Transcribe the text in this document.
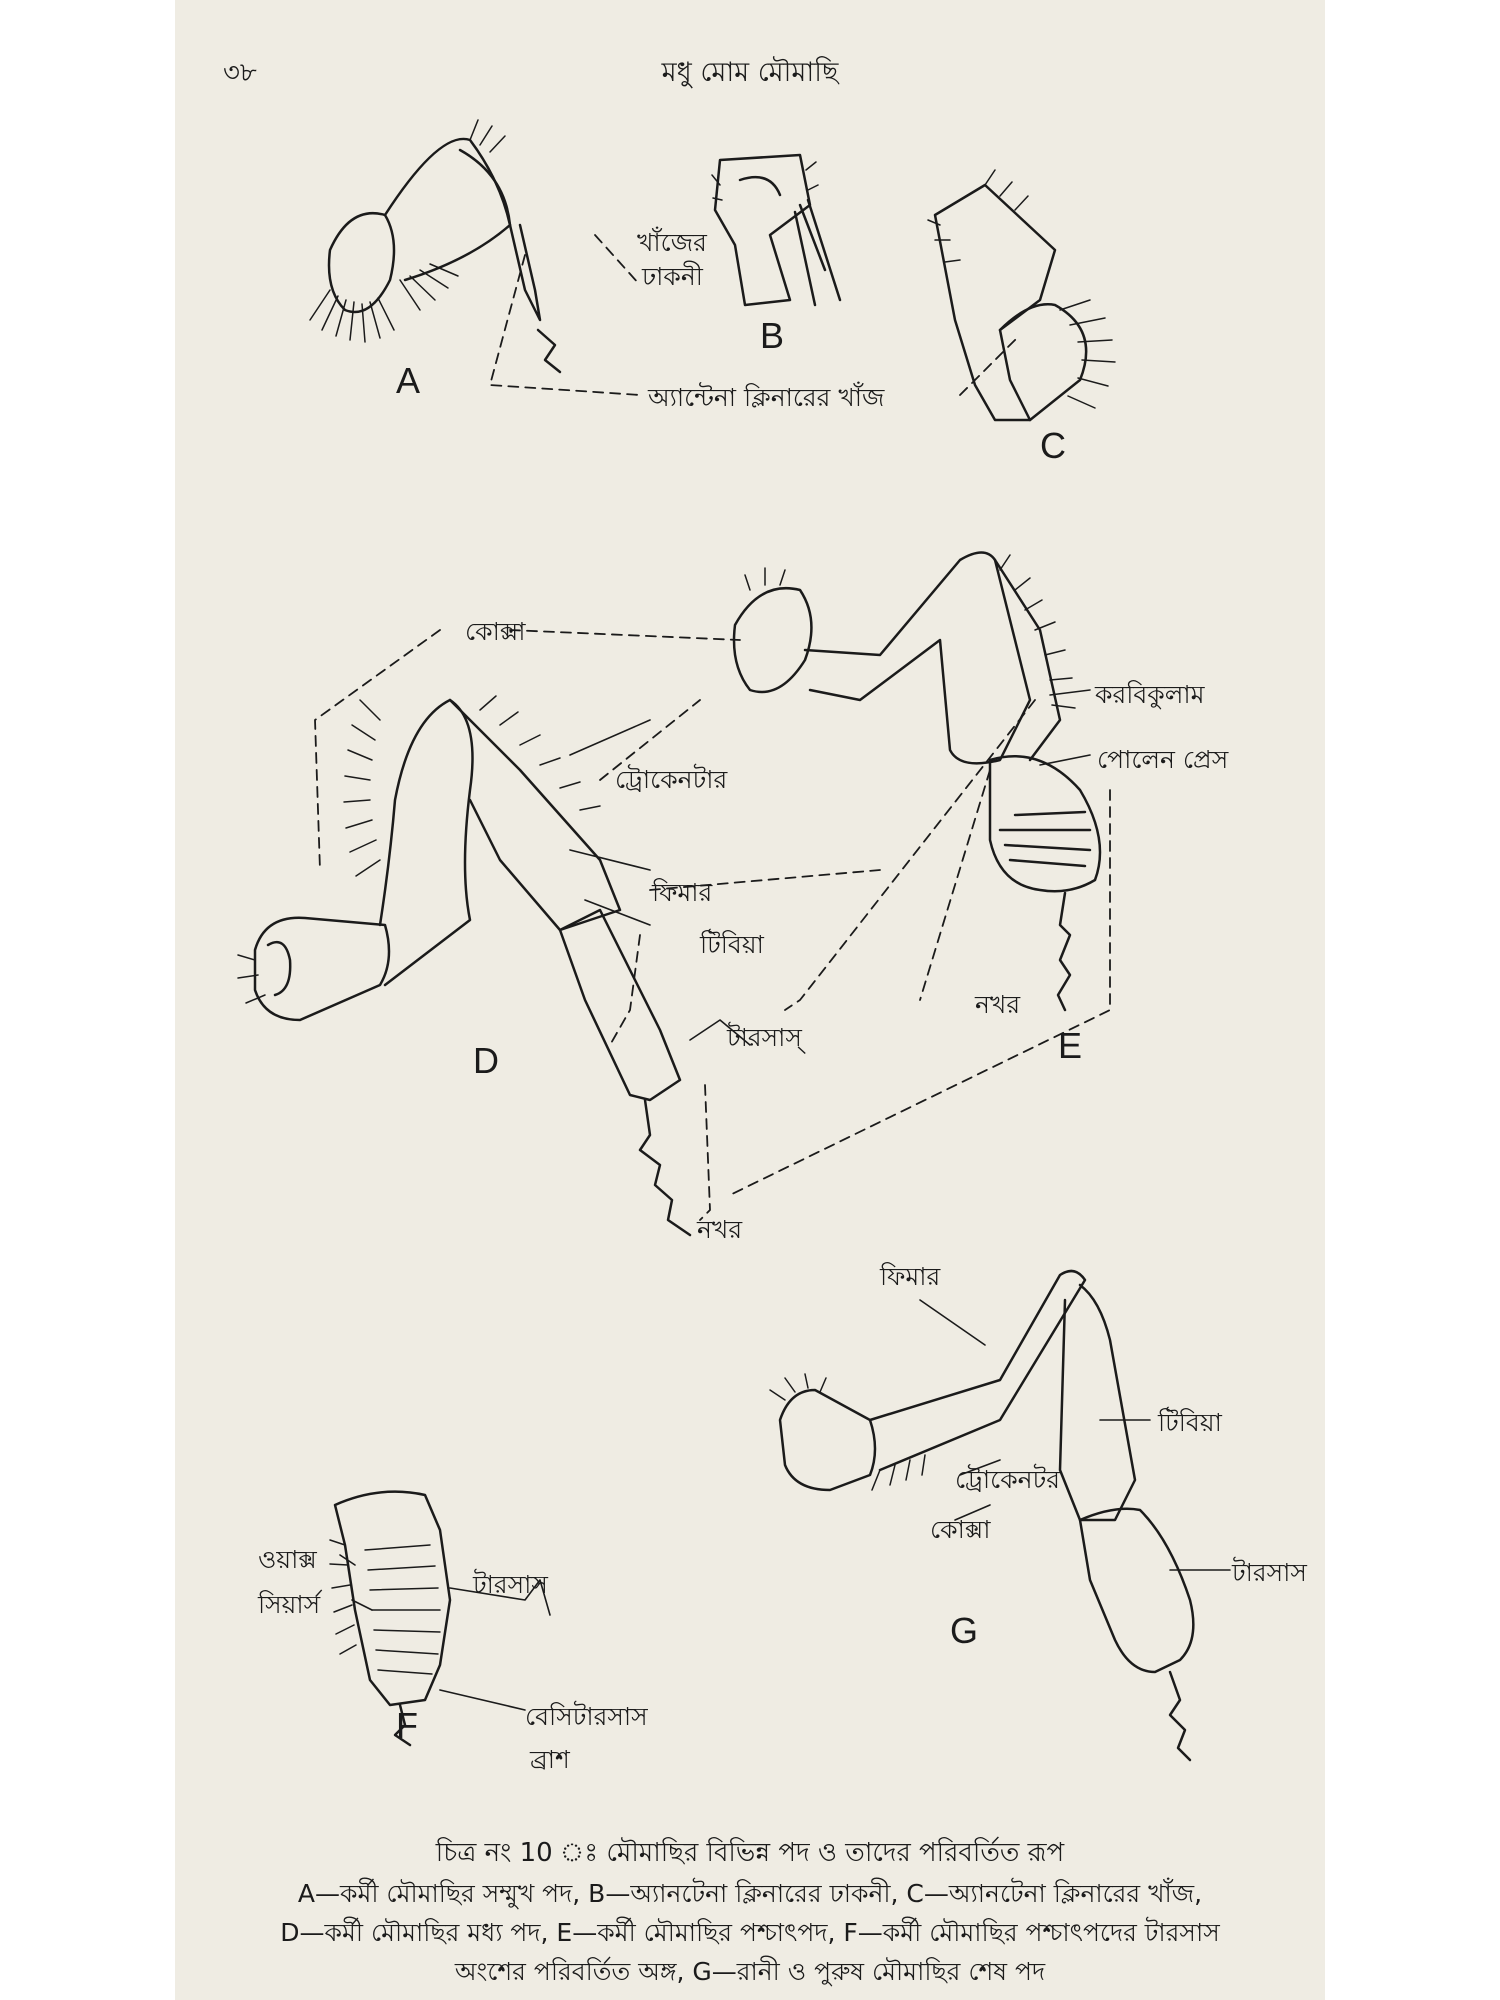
৩৮	মধু মোম মৌমাছি
A
B
C
D	E
F
G
খাঁজের
ঢাকনী
অ্যান্টেনা ক্লিনারের খাঁজ
কোক্সা
করবিকুলাম
পোলেন প্রেস
ট্রোকেনটার
ফিমার
টিবিয়া
টারসাস্
নখর
নখর
ফিমার
টিবিয়া
ট্রোকেনটর
কোক্সা
টারসাস
ওয়াক্স
সিয়ার্স
টারসাস
বেসিটারসাস
ব্রাশ
চিত্র নং 10 ঃ মৌমাছির বিভিন্ন পদ ও তাদের পরিবর্তিত রূপ
A—কর্মী মৌমাছির সম্মুখ পদ, B—অ্যানটেনা ক্লিনারের ঢাকনী, C—অ্যানটেনা ক্লিনারের খাঁজ,
D—কর্মী মৌমাছির মধ্য পদ, E—কর্মী মৌমাছির পশ্চাৎপদ, F—কর্মী মৌমাছির পশ্চাৎপদের টারসাস
অংশের পরিবর্তিত অঙ্গ, G—রানী ও পুরুষ মৌমাছির শেষ পদ
